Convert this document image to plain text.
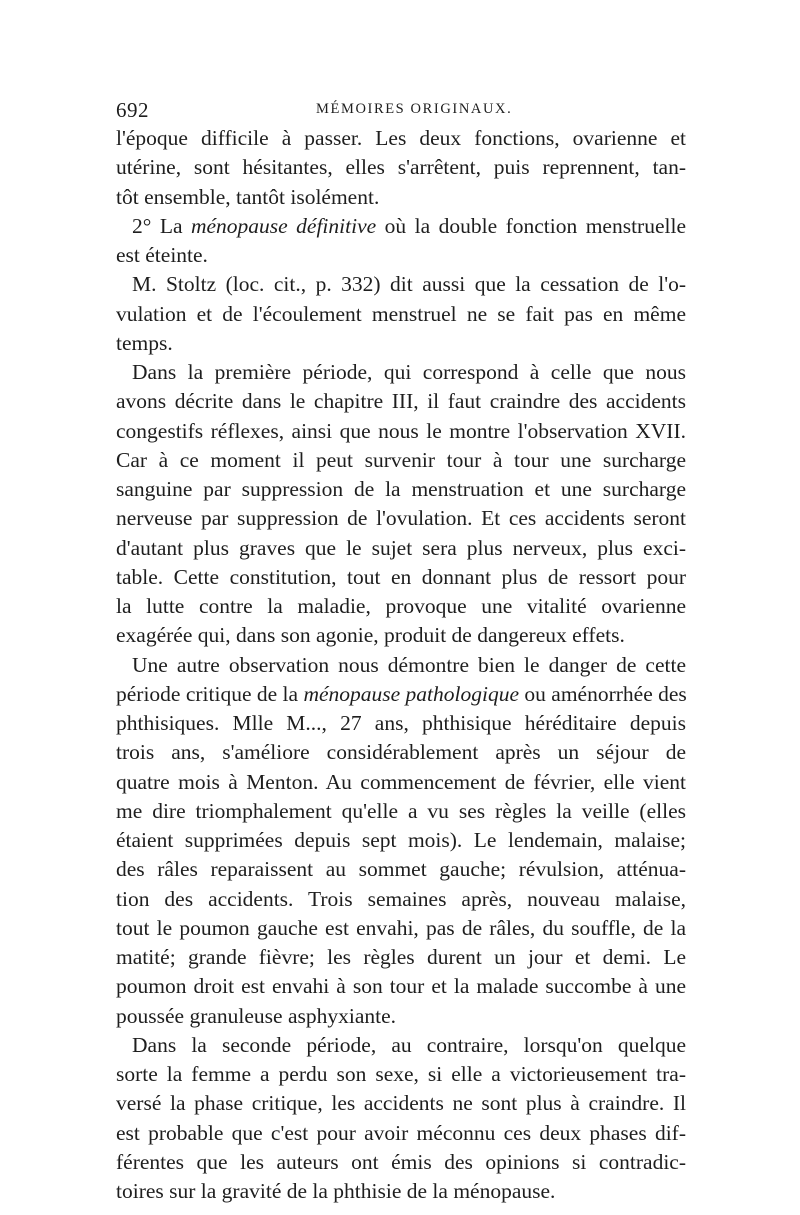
692	MÉMOIRES ORIGINAUX.
l'époque difficile à passer. Les deux fonctions, ovarienne et
utérine, sont hésitantes, elles s'arrêtent, puis reprennent, tan-
tôt ensemble, tantôt isolément.
2° La ménopause définitive où la double fonction menstruelle
est éteinte.
M. Stoltz (loc. cit., p. 332) dit aussi que la cessation de l'o-
vulation et de l'écoulement menstruel ne se fait pas en même
temps.
Dans la première période, qui correspond à celle que nous
avons décrite dans le chapitre III, il faut craindre des accidents
congestifs réflexes, ainsi que nous le montre l'observation XVII.
Car à ce moment il peut survenir tour à tour une surcharge
sanguine par suppression de la menstruation et une surcharge
nerveuse par suppression de l'ovulation. Et ces accidents seront
d'autant plus graves que le sujet sera plus nerveux, plus exci-
table. Cette constitution, tout en donnant plus de ressort pour
la lutte contre la maladie, provoque une vitalité ovarienne
exagérée qui, dans son agonie, produit de dangereux effets.
Une autre observation nous démontre bien le danger de cette
période critique de la ménopause pathologique ou aménorrhée des
phthisiques. Mlle M..., 27 ans, phthisique héréditaire depuis
trois ans, s'améliore considérablement après un séjour de
quatre mois à Menton. Au commencement de février, elle vient
me dire triomphalement qu'elle a vu ses règles la veille (elles
étaient supprimées depuis sept mois). Le lendemain, malaise;
des râles reparaissent au sommet gauche; révulsion, atténua-
tion des accidents. Trois semaines après, nouveau malaise,
tout le poumon gauche est envahi, pas de râles, du souffle, de la
matité; grande fièvre; les règles durent un jour et demi. Le
poumon droit est envahi à son tour et la malade succombe à une
poussée granuleuse asphyxiante.
Dans la seconde période, au contraire, lorsqu'on quelque
sorte la femme a perdu son sexe, si elle a victorieusement tra-
versé la phase critique, les accidents ne sont plus à craindre. Il
est probable que c'est pour avoir méconnu ces deux phases dif-
férentes que les auteurs ont émis des opinions si contradic-
toires sur la gravité de la phthisie de la ménopause.
